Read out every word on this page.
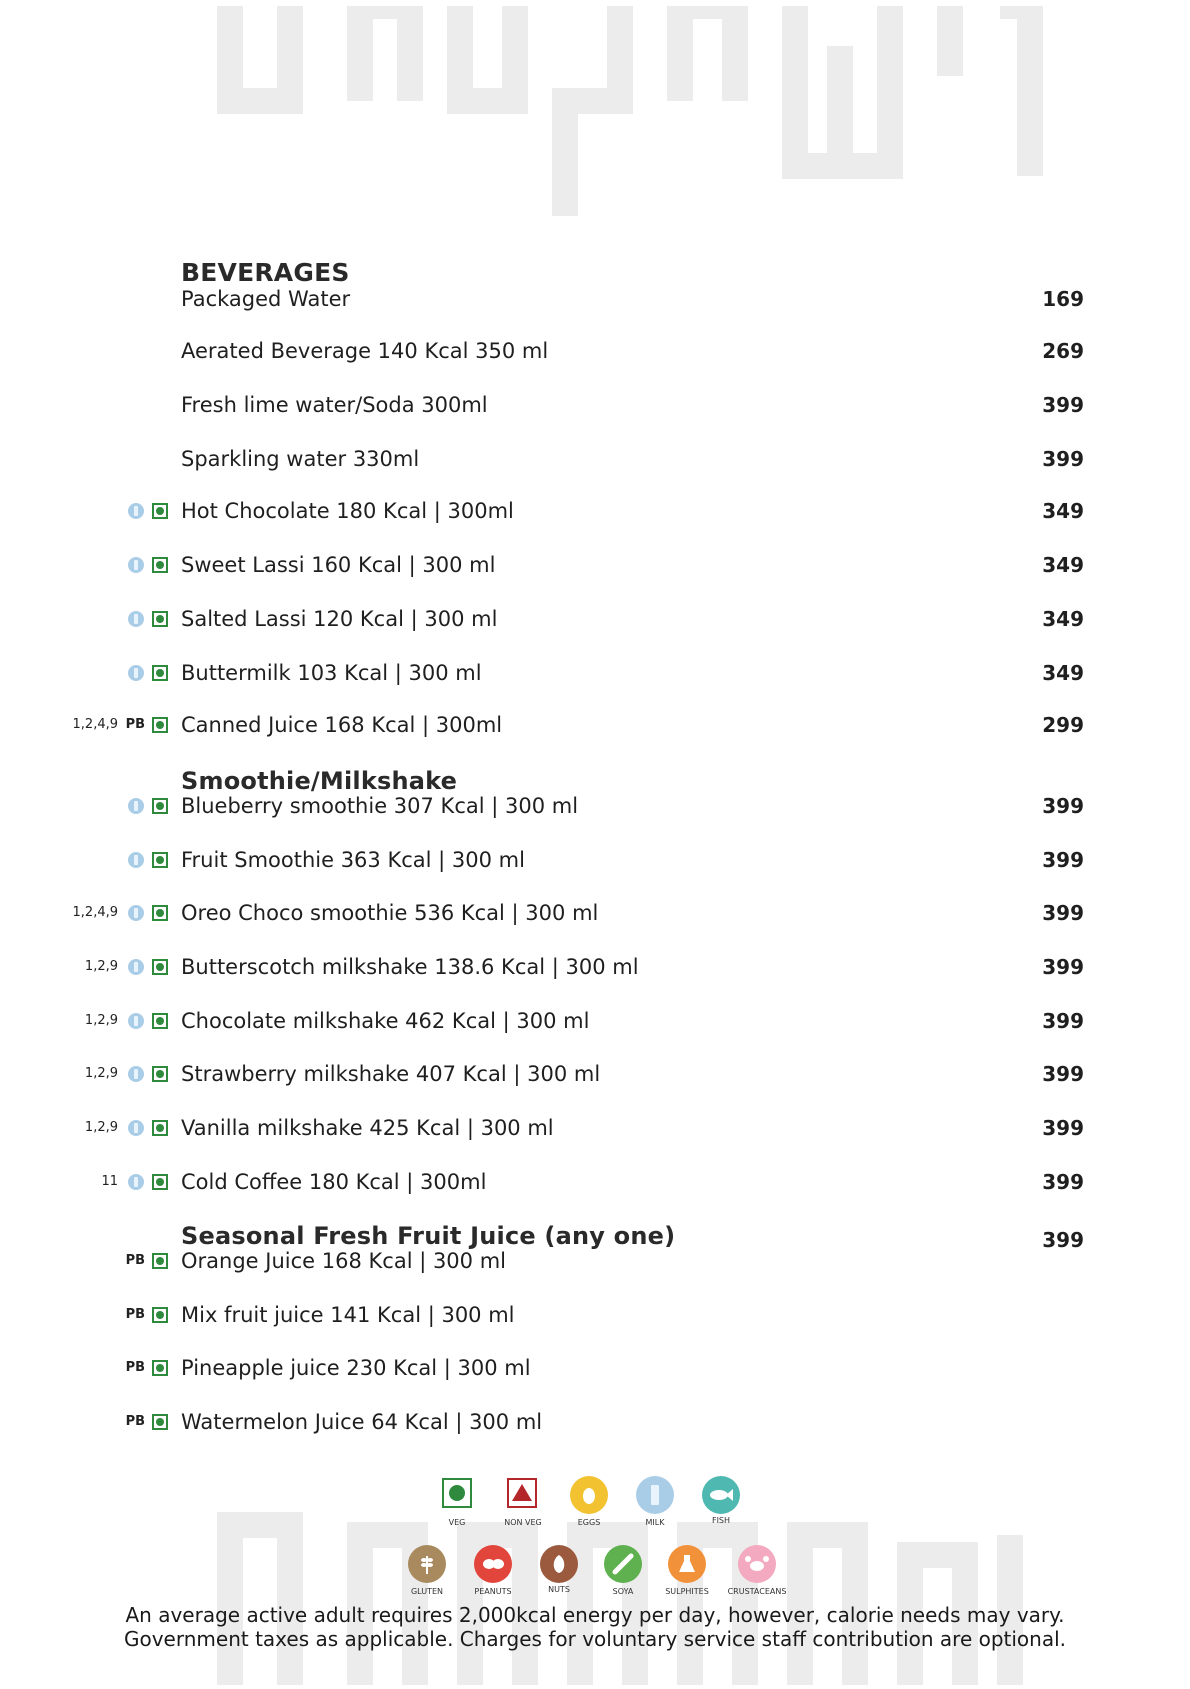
BEVERAGES
Packaged Water	169
Aerated Beverage 140 Kcal 350 ml	269
Fresh lime water/Soda 300ml	399
Sparkling water 330ml	399
Hot Chocolate 180 Kcal | 300ml	349
Sweet Lassi 160 Kcal | 300 ml	349
Salted Lassi 120 Kcal | 300 ml	349
Buttermilk 103 Kcal | 300 ml	349
1,2,4,9 PB Canned Juice 168 Kcal | 300ml	299
Smoothie/Milkshake
Blueberry smoothie 307 Kcal | 300 ml	399
Fruit Smoothie 363 Kcal | 300 ml	399
1,2,4,9	Oreo Choco smoothie 536 Kcal | 300 ml	399
1,2,9	Butterscotch milkshake 138.6 Kcal | 300 ml	399
1,2,9	Chocolate milkshake 462 Kcal | 300 ml	399
1,2,9	Strawberry milkshake 407 Kcal | 300 ml	399
1,2,9	Vanilla milkshake 425 Kcal | 300 ml	399
11	Cold Coffee 180 Kcal | 300ml	399
Seasonal Fresh Fruit Juice (any one)	399
PB Orange Juice 168 Kcal | 300 ml
PB Mix fruit juice 141 Kcal | 300 ml
PB Pineapple juice 230 Kcal | 300 ml
PB Watermelon Juice 64 Kcal | 300 ml
VEG	NON VEG	EGGS	MILK	FISH
GLUTEN	PEANUTS	NUTS	SOYA	SULPHITES	CRUSTACEANS
An average active adult requires 2,000kcal energy per day, however, calorie needs may vary.
Government taxes as applicable. Charges for voluntary service staff contribution are optional.
